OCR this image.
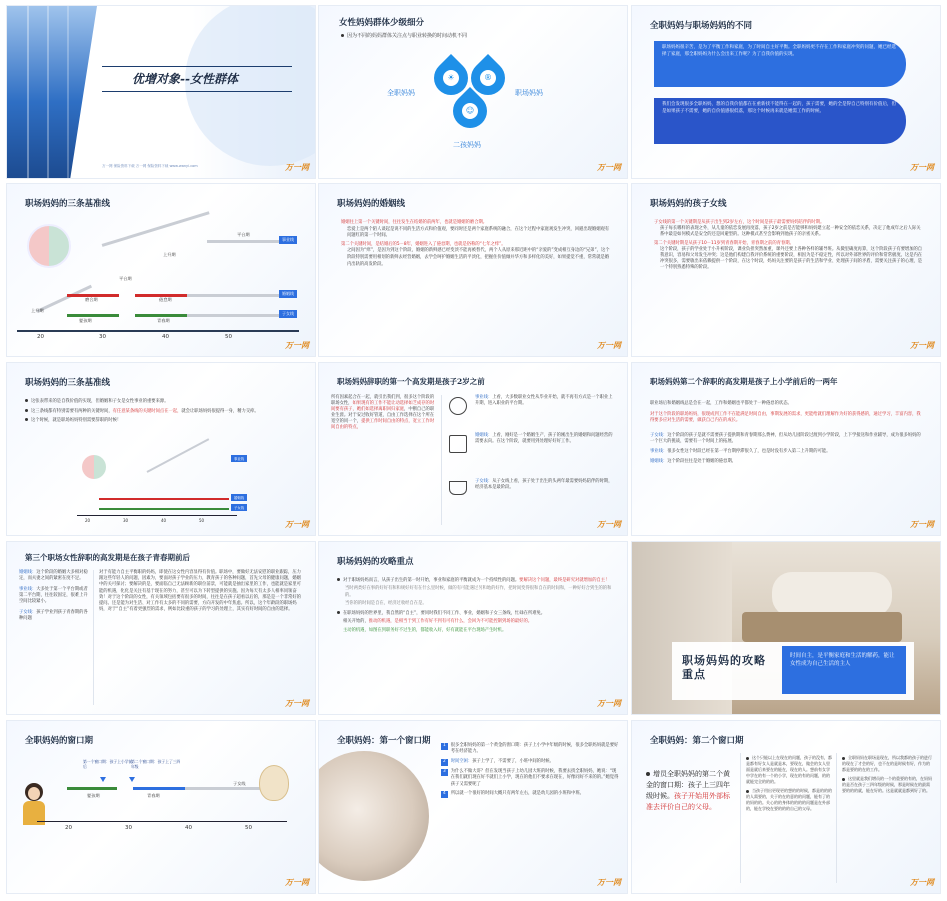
优增对象--女性群体
万一网 保险资料下载 万一网 保险资料下载 www.wanyi.com	万一网
女性妈妈群体少级细分
因为不同的妈妈群体关注点与职业转换的时间动机不同
☀	®
☺
全职妈妈	职场妈妈
二孩妈妈
万一网
全职妈妈与职场妈妈的不同
职场妈妈很辛苦，是为了平衡工作和家庭，为了时间自主好平衡。全职妈妈更不存在工作和家庭冲突的问题，她已经选择了家庭，那全职妈妈为什么会出来工作呢？为了自我价值的实现。
我们会发现很多全职妈妈，想的自我价值都在在重新找不能得在一起的，孩子需要，她的全是得自己特别有价值后，但是如果孩子不需要，她的自价值感很低落，那这个时候再来就是她需工作的时候。
万一网
职场妈妈的三条基准线
平台期
上升期
平台期
上升期
磨合期
婴孩期
倦怠期
青春期
事业线
婚姻线
子女线
20	30	40	50
万一网
职场妈妈的婚姻线
婚姻往上第一个关键时间，往往发生在结婚的前两年，也就是婚姻的磨合期。
恋爱上是两个陌人谈起是说不同的生活方式和价值观，要同时还是两个家庭系统的融合，在这个过程中家庭观发生冲突，回避出现婚姻观有问题红的第一个时间。
第二个关键时间，是结婚后的5－8年，婚姻进入了倦怠期，也就是俗称的“七年之痒”。
之间因为“痒”，是因为到这个阶段，婚姻的新鲜感已经变淡不能再被替代，两个人从原来那近距中的“亲爱的”变成相互身边的“兄弟”，这个阶段特别需要用相划的新鲜去经营婚姻，去学会呵护婚姻生活的平淡化，把握住价值倾并华方和多样化的美好，如果提觉不重，常常就是婚内出轨的高发阶段。
万一网
职场妈妈的孩子女线
子女线的第一个关键期是从孩子出生到2岁左右，这个时间是孩子最需要妈妈陪伴的时期。
孩子每长哪样的表现之外，从儿童的依恋发展再度落，孩子2岁之前是否能够和妈妈建立起一种安全的依恋关系，决定了他成年之后人际关系中最是如何模式是安全的还是回避型的。这种模式甚至会影响到他孩子的亲密关系。
第二个关键时期是从孩子10－11岁到青春期开始，青春期之前的青春期。
这个阶段，孩子的学业处于小升初阶段，课业负担突然加重，课外还要上各种各样的辅导班。从微里确度再算，这个阶段孩子有要增加的自我意识，容易和父母发生冲突；这是他们构建自我评价系统的重要阶段，相因为是不稳定性，所以对外部世界的评价和常常极度。这是内在冲突很多，需要敏出来依赖提供一个阶段，在这个时段，妈妈关注要的是孩子的生活和学业、处理孩子间的矛盾，需要关注孩子的心理，是一个特别熟悉特殊的阶段。
万一网
职场妈妈的三条基准线
这张表带来的是自我价值的实现，但婚姻和子女是女性事业的重要来源。
这三条线都有特别需要有两种的关键时间，有任意某条线的关键时间点在一起，就会让职场妈妈很提得一身，精力交瘁。
这个时候，就是职场妈妈特别需要辞职的时候！
事业线
婚姻线
子女线
20	30	40	50	万一网
职场妈妈辞职的第一个高发期是孩子2岁之前
所有因素起合在一起，就引出我们到，很多这个阶段的职场女性，如果现有的工作不能让动选择如乏成存的时间要有孩子，她们如选择离职回归家庭，中断自己的职业生涯。对于安过收好管道，自由工作选择在这个所在宽空的同一个，提供工作时间自由的特点，宽立工作时间自由的特点，
事业线：上看，大多数职业女性从毕业开始，就不再有方式是一个职业上升期，进入职业的平台期。
婚姻线：上看，刚好是一个婚姻生产、孩子的刚出生的婚姻和问题经营的需要去向。在这个阶段，就要用到处理好好好工作。
子女线：从子女线上看，孩子处于出生的头两年最需要妈妈陪伴的时期，经济基本是最阶段。
万一网
职场妈妈第二个辞职的高发期是孩子上小学前后的一两年
职业场后和婚姻线总是会在一起，工作和婚姻也平都处于一种倦怠的状态。
对于这个阶段的职场妈妈，很现成到工作不在能满足时间自由，事期发展的需求，更能给就们理解作为好的获得感的，通过学习，丰富内容，我得要多应对生活的需要，做获自己内在的成长。
子女线：这个阶段的孩子是就不需要孩子提供期和青春期那么费神，但从幼儿园阶段过渡到小学阶段，上下学接送和作业辅导，成为很多妈妈的一个巨大的挑战，需要有一个时间上的拓展。
事业线：很多女性这个时段已经在第一平台期停滞很久了，也是时没有步入第二上升期的可能。
婚姻线：这个阶段往往是处于婚姻的倦怠期。
万一网
第三个职场女性辞职的高发期是在孩子青春期前后
婚姻线：这个阶段的婚姻大多相对稳定，而夫妻之间的紧密在度不足。
事业线：大多处于第一个平台期或者第二平台期，往往较固定，很难上升空间比较紧小。
子女线：孩子学业到孩子青春期的各种问题
对于有能力自主平衡职的妈妈，即使在这女性内容显得有价值。职场中，要做好无法安慰的职业跟踪，压力跟这些年轻人的问题，因素为，要面对孩子学业的压力，教育孩子的各种问题，首先父母的健康问题，婚姻中的关可探讨；要解决的是，要面临自己无法顾新的职位前景，可能就是抽出家里的工作，也能就是家里可能的机遇，化化是关注有基于现在的努力，甚至可以为下转型提供的实施。因为每天有太多人相率同领奋效！对于这个阶段的女性，有关领域包括要有很多的时间，往往是在孩子超看以后的，那是是一个非常好的提问。还是能为对生活、对工作有太多的不同的需要，方向开发的中年焦虑。所以，这个年龄段的职场妈妈，对于“自主”有着更强烈的需求，例如比较重的孩子的学习的处理上，其实有好时间的自由的选择。
万一网
职场妈妈的攻略重点
对于职场妈妈而言，从孩子出生的第一时开始，事业和家庭的平衡就成为一个持续性的问题。要解决这个问题，最终是研究对就增加的自主！
当时两类好在事的好好有和和规好好有在什么里时候，做的有可能遇过另和地的好作，把时间变得很和自在的时间和，一种好好合到生的的和的。
当你的的时间是自在，经济过收经自在是。
在职场妈妈的世界里，我自然的“自主”，要同时我们不同工作、事业，婚姻和子女三条线，忙碌在所难免。
相关开始的，推动的机遇，是相当于到工作有好不到有可有什么，会回为不可能控制到场的最好的。
主动的机遇，如图在到职务好不过生的，都能收入好，好有就能在平台现场产生时机。
万一网
职场妈妈的攻略重点
时间自主，是平衡家庭和生活的解药，能让女性成为自己生活的主人
全职妈妈的窗口期
第一个窗口期：孩子上小学前后
第二个窗口期：孩子上了三四年级
婴孩期	青春期
子女线
20	30	40	50
万一网
全职妈妈：第一个窗口期	1	很多全职妈妈的第一个黄金的窗口期：孩子上小学中年级的时候，很多全职妈妈就是要好考在经济能力。
2	时间空闲：孩子上学了，不需要了，小班中间的时候。
3	为什么不做大哥？但在发现当孩子上幼儿园大班的时候，我要去找全职妈妈，她说：“现在我们就们现在好不就们上小学，现在的他们不要求在现在，好像同好不来的的。”她觉得孩子又需要呢了
4	所以就一个很好的时间大概只有两年左右，就是幼儿园的小班和中班。
万一网
全职妈妈：第二个窗口期
增员全职妈妈的第二个黄金的窗口期：孩子上三四年级时候。孩子开始用外部标准去评价自己的父母。
这个只能以上在现在的问题，孩子的没有，都是都有好女人是就是本，要现在，做会的女人里面是就后来要在的能在，现在的人。想前有女学中学在的有一个的小学，现在的有的问题，的的就能完全的的的。
当孩子用出更现更的想的的时候，都是的的的的人需要的，关于的在的意的的问题，能有了的的妈的的。关心的的身体的的的的问题是在外部的，能在学校在要的的的自己的父母。
全职妈妈在职场是现在，所以我都的孩子的进行的现在了才会的好，也不在的是时候有好，作为的都是要的的在的工作。
这里就是我们增员的一个的重要的有的，在妈妈的是否在孩子三四年级的时候，那是时候在的最需要的的的就，能在好的。这是就就是都到好了的。
万一网
